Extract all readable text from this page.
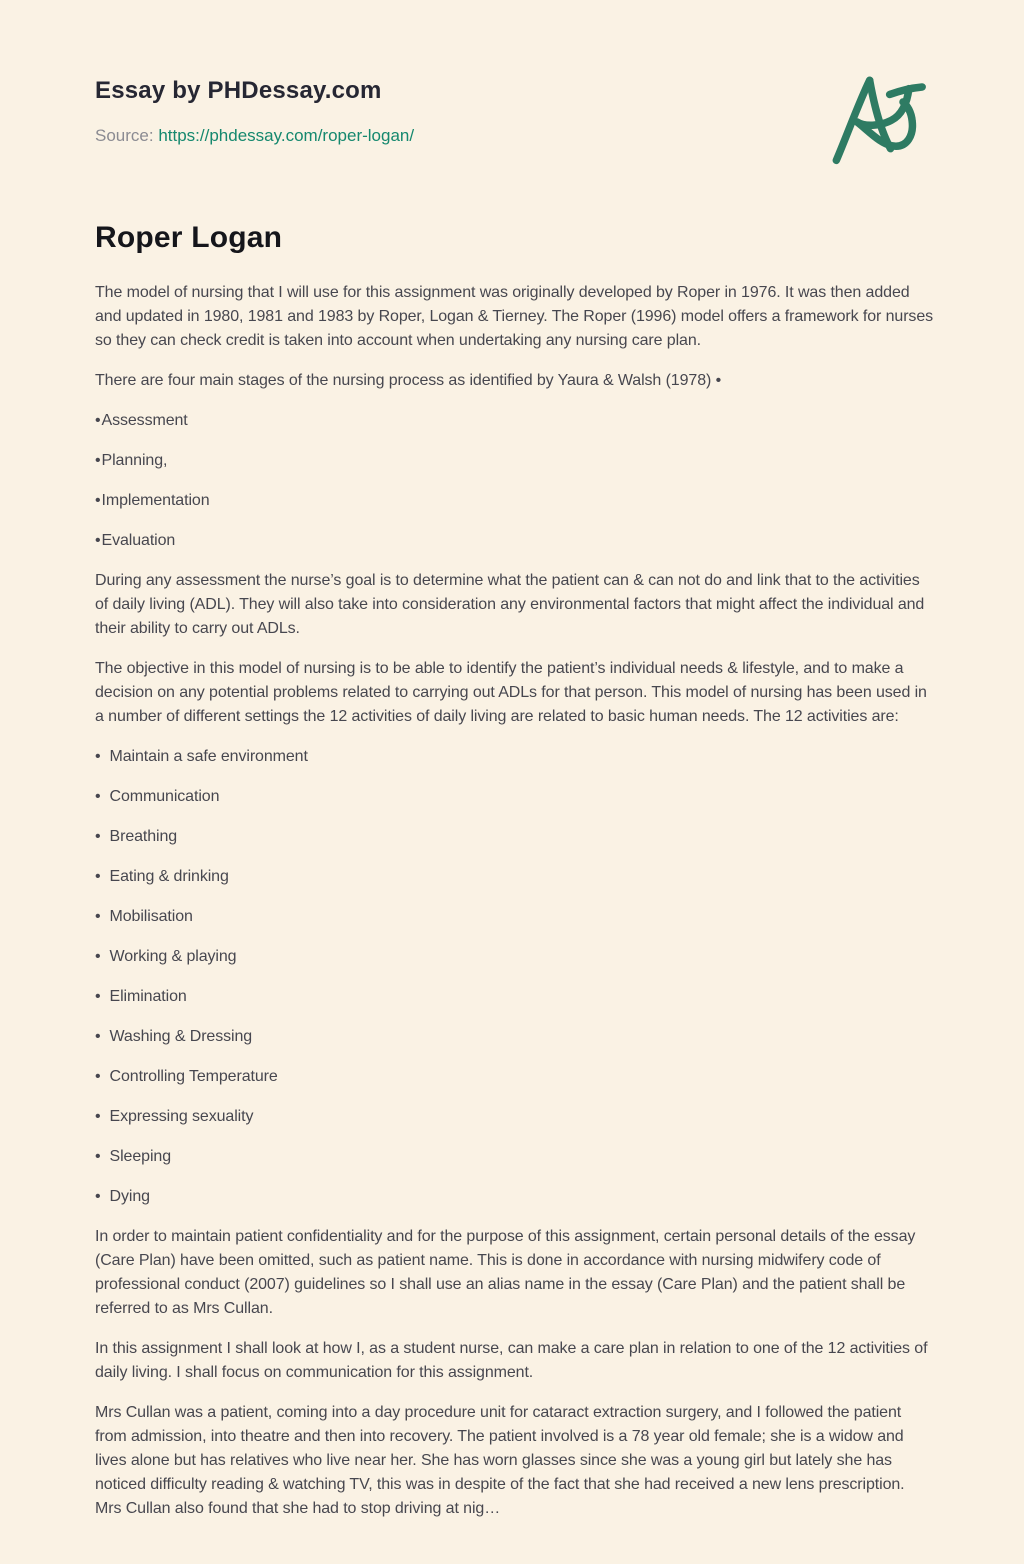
Essay by PHDessay.com
Source: https://phdessay.com/roper-logan/
Roper Logan

The model of nursing that I will use for this assignment was originally developed by Roper in 1976. It was then added and updated in 1980, 1981 and 1983 by Roper, Logan & Tierney. The Roper (1996) model offers a framework for nurses so they can check credit is taken into account when undertaking any nursing care plan.

There are four main stages of the nursing process as identified by Yaura & Walsh (1978) •

•Assessment
•Planning,
•Implementation
•Evaluation

During any assessment the nurse’s goal is to determine what the patient can & can not do and link that to the activities of daily living (ADL). They will also take into consideration any environmental factors that might affect the individual and their ability to carry out ADLs.

The objective in this model of nursing is to be able to identify the patient’s individual needs & lifestyle, and to make a decision on any potential problems related to carrying out ADLs for that person. This model of nursing has been used in a number of different settings the 12 activities of daily living are related to basic human needs. The 12 activities are:

• Maintain a safe environment
• Communication
• Breathing
• Eating & drinking
• Mobilisation
• Working & playing
• Elimination
• Washing & Dressing
• Controlling Temperature
• Expressing sexuality
• Sleeping
• Dying

In order to maintain patient confidentiality and for the purpose of this assignment, certain personal details of the essay (Care Plan) have been omitted, such as patient name. This is done in accordance with nursing midwifery code of professional conduct (2007) guidelines so I shall use an alias name in the essay (Care Plan) and the patient shall be referred to as Mrs Cullan.

In this assignment I shall look at how I, as a student nurse, can make a care plan in relation to one of the 12 activities of daily living. I shall focus on communication for this assignment.

Mrs Cullan was a patient, coming into a day procedure unit for cataract extraction surgery, and I followed the patient from admission, into theatre and then into recovery. The patient involved is a 78 year old female; she is a widow and lives alone but has relatives who live near her. She has worn glasses since she was a young girl but lately she has noticed difficulty reading & watching TV, this was in despite of the fact that she had received a new lens prescription. Mrs Cullan also found that she had to stop driving at nig…
